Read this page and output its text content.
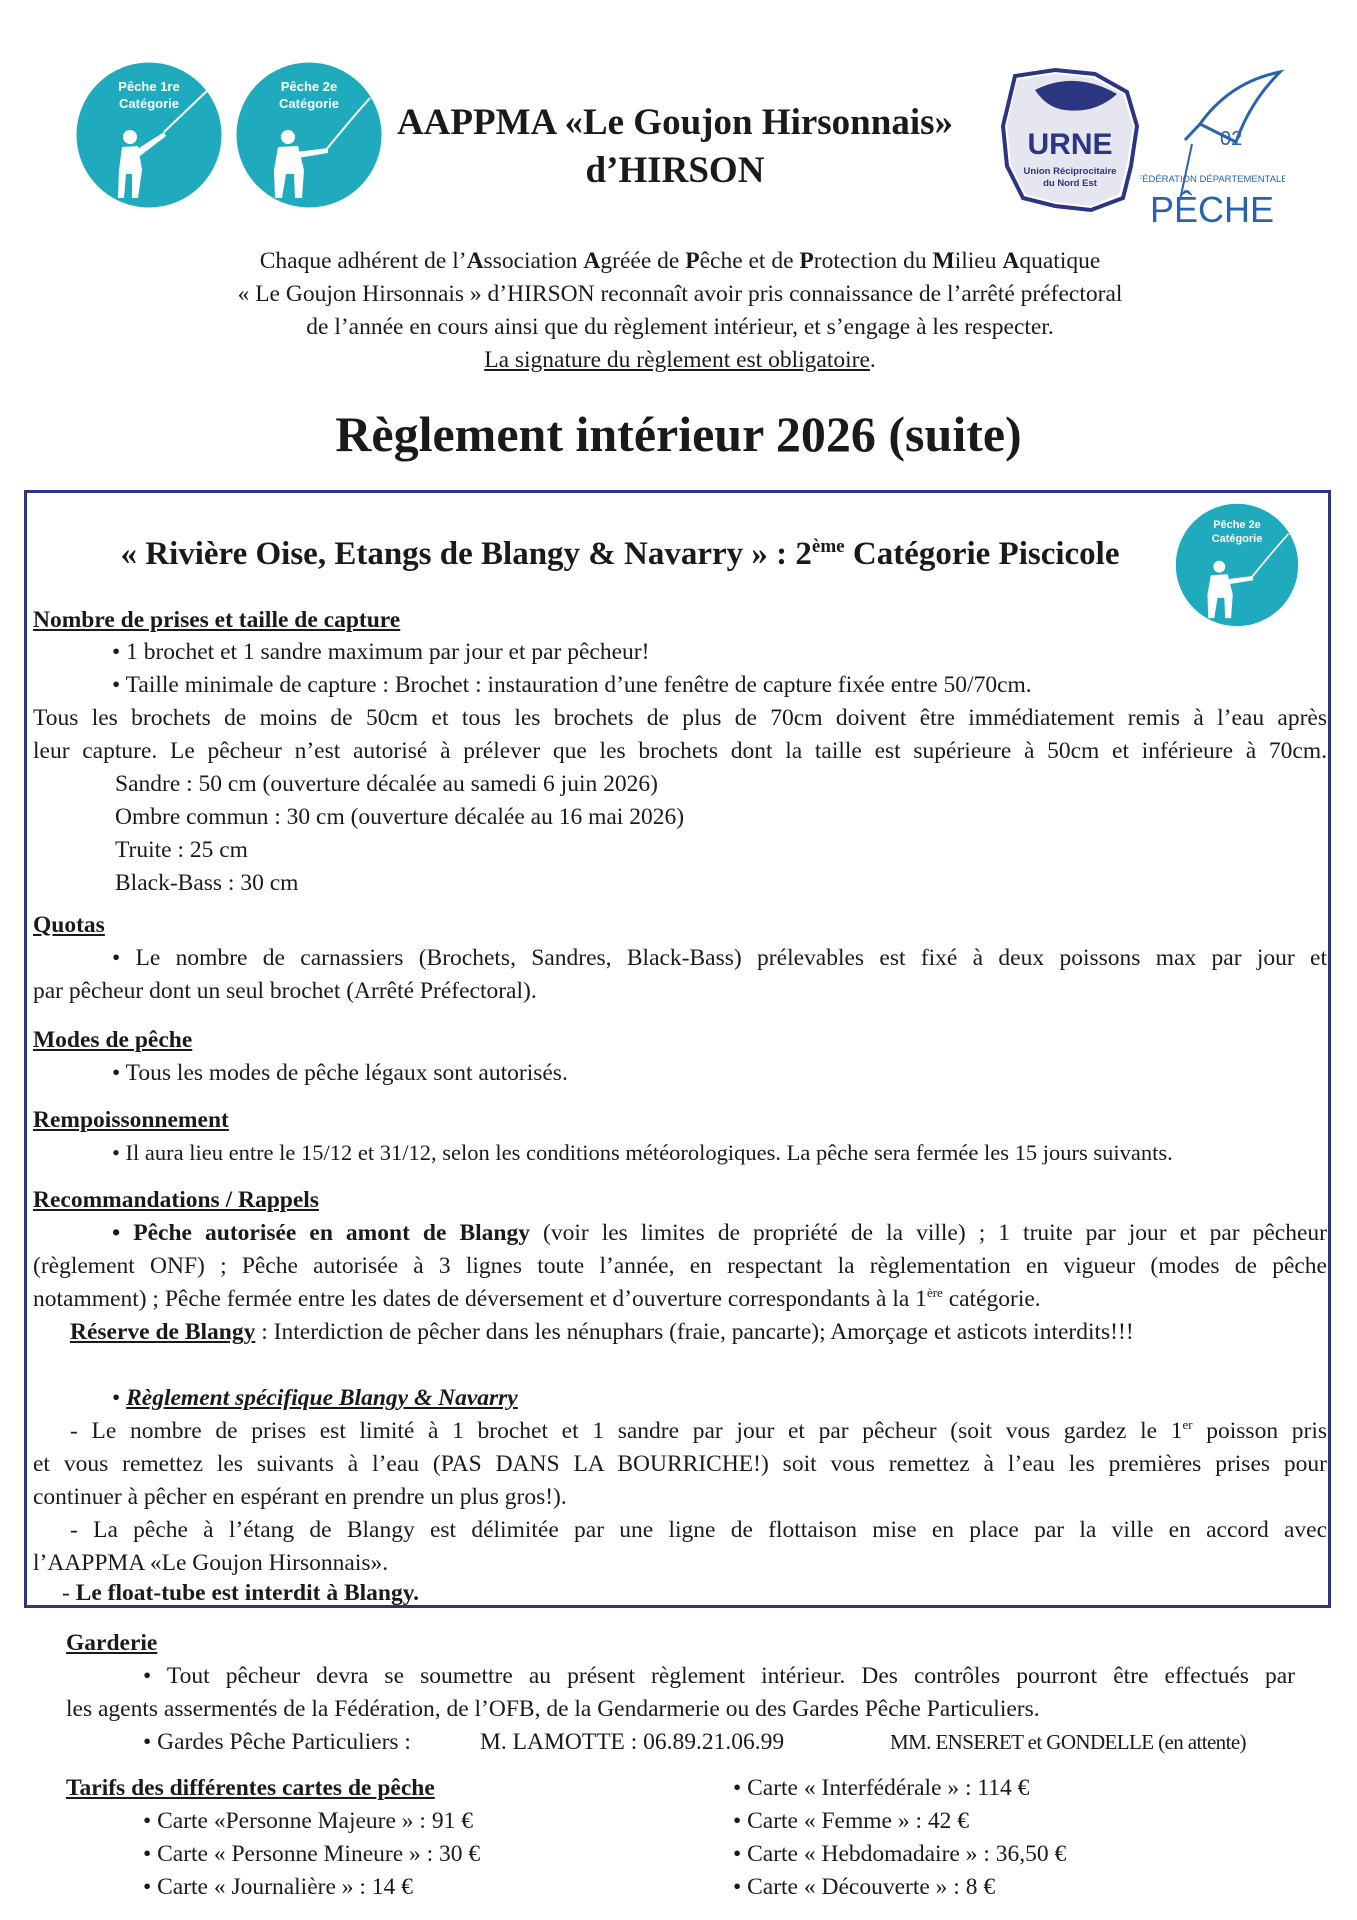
Pêche 1re
Catégorie
Pêche 2e
Catégorie	AAPPMA «Le Goujon Hirsonnais»
d’HIRSON
URNE
Union Réciprocitaire
du Nord Est
02
FÉDÉRATION DÉPARTEMENTALE
PÊCHE
Chaque adhérent de l’Association Agréée de Pêche et de Protection du Milieu Aquatique
« Le Goujon Hirsonnais » d’HIRSON reconnaît avoir pris connaissance de l’arrêté préfectoral
de l’année en cours ainsi que du règlement intérieur, et s’engage à les respecter.
La signature du règlement est obligatoire.
Règlement intérieur 2026 (suite)
Pêche 2e
Catégorie
« Rivière Oise, Etangs de Blangy & Navarry » : 2ème Catégorie Piscicole
Nombre de prises et taille de capture
• 1 brochet et 1 sandre maximum par jour et par pêcheur!
• Taille minimale de capture : Brochet : instauration d’une fenêtre de capture fixée entre 50/70cm.
Tous les brochets de moins de 50cm et tous les brochets de plus de 70cm doivent être immédiatement remis à l’eau après
leur capture. Le pêcheur n’est autorisé à prélever que les brochets dont la taille est supérieure à 50cm et inférieure à 70cm.
Sandre : 50 cm (ouverture décalée au samedi 6 juin 2026)
Ombre commun : 30 cm (ouverture décalée au 16 mai 2026)
Truite : 25 cm
Black-Bass : 30 cm
Quotas
• Le nombre de carnassiers (Brochets, Sandres, Black-Bass) prélevables est fixé à deux poissons max par jour et
par pêcheur dont un seul brochet (Arrêté Préfectoral).
Modes de pêche
• Tous les modes de pêche légaux sont autorisés.
Rempoissonnement
• Il aura lieu entre le 15/12 et 31/12, selon les conditions météorologiques. La pêche sera fermée les 15 jours suivants.
Recommandations / Rappels
• Pêche autorisée en amont de Blangy (voir les limites de propriété de la ville) ; 1 truite par jour et par pêcheur
(règlement ONF) ; Pêche autorisée à 3 lignes toute l’année, en respectant la règlementation en vigueur (modes de pêche
notamment) ; Pêche fermée entre les dates de déversement et d’ouverture correspondants à la 1ère catégorie.
Réserve de Blangy : Interdiction de pêcher dans les nénuphars (fraie, pancarte); Amorçage et asticots interdits!!!
• Règlement spécifique Blangy & Navarry
- Le nombre de prises est limité à 1 brochet et 1 sandre par jour et par pêcheur (soit vous gardez le 1er poisson pris
et vous remettez les suivants à l’eau (PAS DANS LA BOURRICHE!) soit vous remettez à l’eau les premières prises pour
continuer à pêcher en espérant en prendre un plus gros!).
- La pêche à l’étang de Blangy est délimitée par une ligne de flottaison mise en place par la ville en accord avec
l’AAPPMA «Le Goujon Hirsonnais».
- Le float-tube est interdit à Blangy.
Garderie
• Tout pêcheur devra se soumettre au présent règlement intérieur. Des contrôles pourront être effectués par
les agents assermentés de la Fédération, de l’OFB, de la Gendarmerie ou des Gardes Pêche Particuliers.
• Gardes Pêche Particuliers :	M. LAMOTTE : 06.89.21.06.99	MM. ENSERET et GONDELLE (en attente)
Tarifs des différentes cartes de pêche
• Carte «Personne Majeure » : 91 €
• Carte « Personne Mineure » : 30 €
• Carte « Journalière » : 14 €
• Carte « Interfédérale » : 114 €
• Carte « Femme » : 42 €
• Carte « Hebdomadaire » : 36,50 €
• Carte « Découverte » : 8 €
